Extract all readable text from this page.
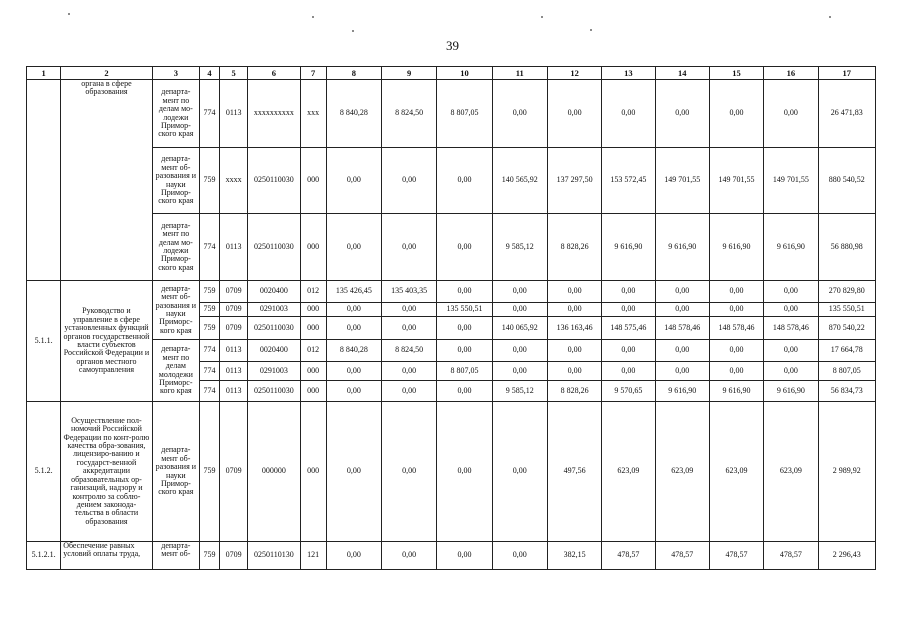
39
1	2	3	4	5	6	7	8	9	10	11	12	13	14	15	16	17
	органа в сфере образования	департа-мент по делам мо-лодежи Примор-ского края	774	0113	xxxxxxxxxx	xxx	8 840,28	8 824,50	8 807,05	0,00	0,00	0,00	0,00	0,00	0,00	26 471,83
		департа-мент об-разования и науки Примор-ского края	759	xxxx	0250110030	000	0,00	0,00	0,00	140 565,92	137 297,50	153 572,45	149 701,55	149 701,55	149 701,55	880 540,52
		департа-мент по делам мо-лодежи Примор-ского края	774	0113	0250110030	000	0,00	0,00	0,00	9 585,12	8 828,26	9 616,90	9 616,90	9 616,90	9 616,90	56 880,98
5.1.1.	Руководство и управление в сфере установленных функций органов государственной власти субъектов Российской Федерации и органов местного самоуправления	департа-мент об-разования и науки Приморс-кого края	759	0709	0020400	012	135 426,45	135 403,35	0,00	0,00	0,00	0,00	0,00	0,00	0,00	270 829,80
			759	0709	0291003	000	0,00	0,00	135 550,51	0,00	0,00	0,00	0,00	0,00	0,00	135 550,51
			759	0709	0250110030	000	0,00	0,00	0,00	140 065,92	136 163,46	148 575,46	148 578,46	148 578,46	148 578,46	870 540,22
		департа-мент по делам молодежи Приморс-кого края	774	0113	0020400	012	8 840,28	8 824,50	0,00	0,00	0,00	0,00	0,00	0,00	0,00	17 664,78
			774	0113	0291003	000	0,00	0,00	8 807,05	0,00	0,00	0,00	0,00	0,00	0,00	8 807,05
			774	0113	0250110030	000	0,00	0,00	0,00	9 585,12	8 828,26	9 570,65	9 616,90	9 616,90	9 616,90	56 834,73
5.1.2.	Осуществление пол-номочий Российской Федерации по конт-ролю качества обра-зования, лицензиро-ванию и государст-венной аккредитации образовательных ор-ганизаций, надзору и контролю за соблю-дением законода-тельства в области образования	департа-мент об-разования и науки Примор-ского края	759	0709	000000	000	0,00	0,00	0,00	0,00	497,56	623,09	623,09	623,09	623,09	2 989,92
5.1.2.1.	Обеспечение равных условий оплаты труда,	департа-мент об-	759	0709	0250110130	121	0,00	0,00	0,00	0,00	382,15	478,57	478,57	478,57	478,57	2 296,43
